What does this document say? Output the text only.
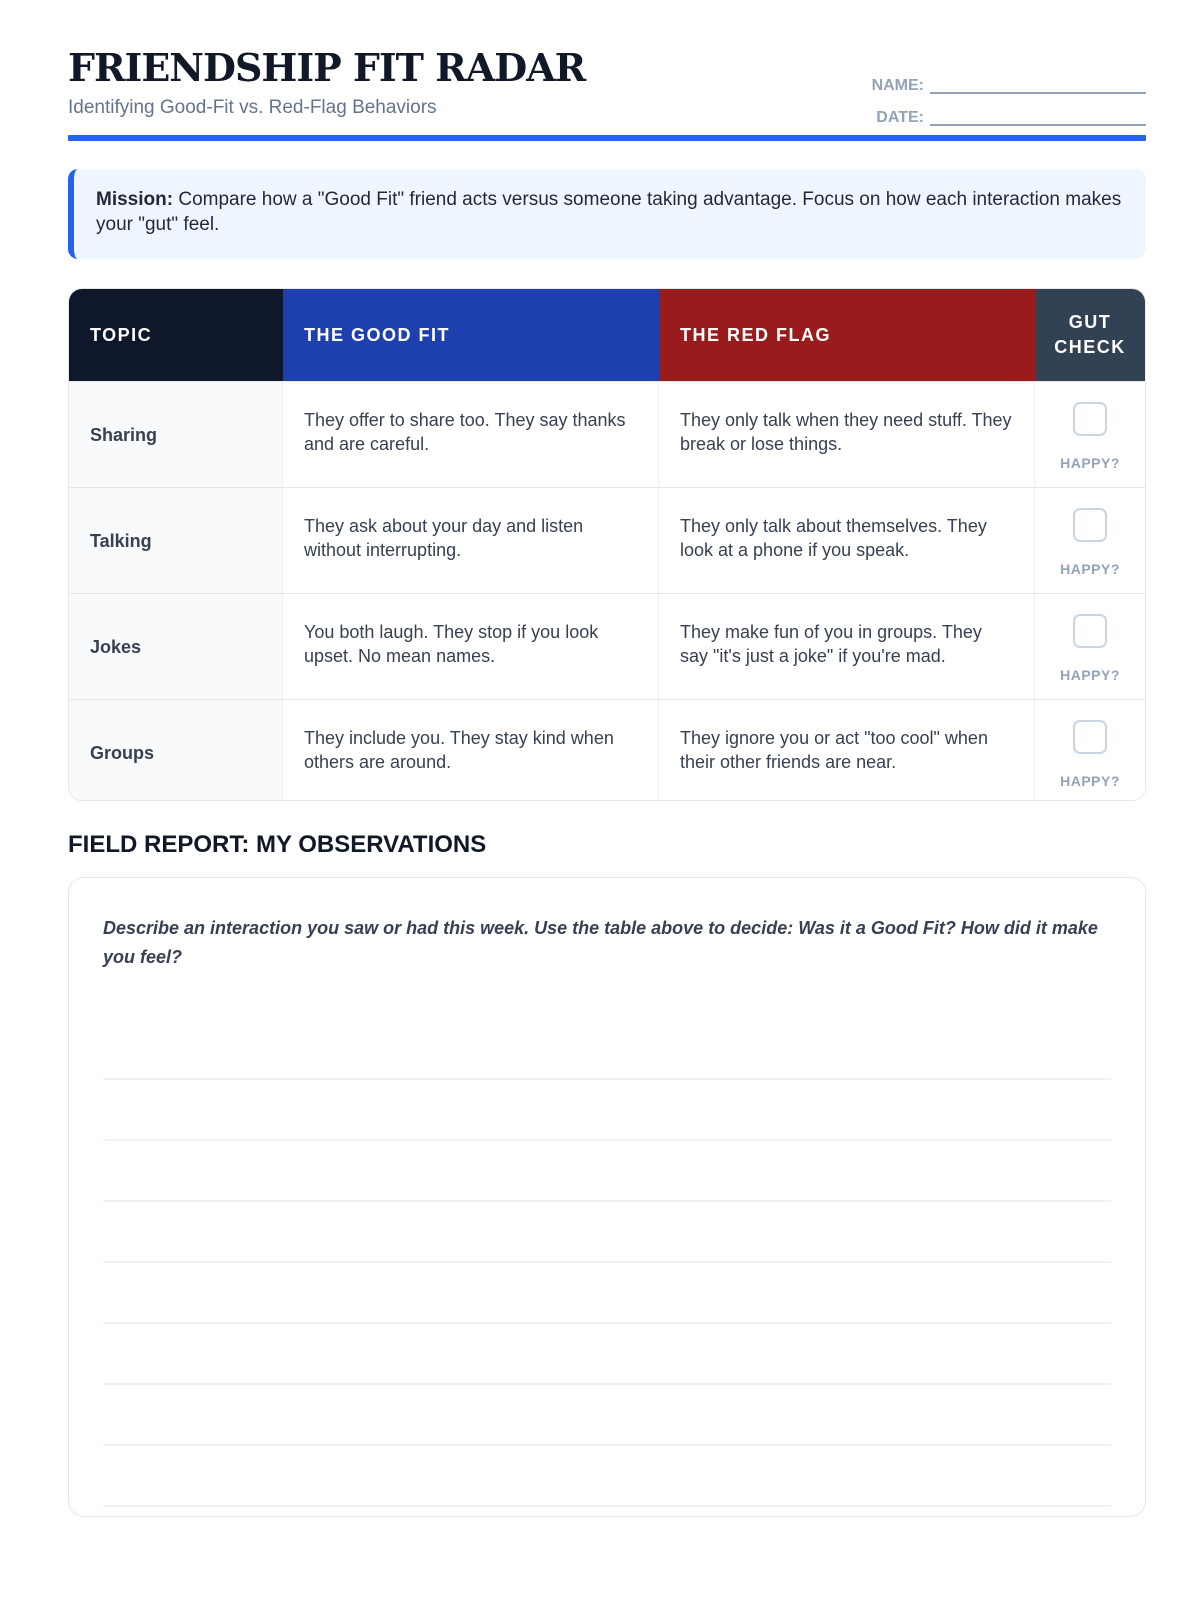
FRIENDSHIP FIT RADAR
Identifying Good-Fit vs. Red-Flag Behaviors
NAME:
DATE:
Mission: Compare how a "Good Fit" friend acts versus someone taking advantage. Focus on how each interaction makes your "gut" feel.
TOPIC	THE GOOD FIT	THE RED FLAG
GUT CHECK
Sharing
They offer to share too. They say thanks and are careful.
They only talk when they need stuff. They break or lose things.
HAPPY?
Talking
They ask about your day and listen without interrupting.
They only talk about themselves. They look at a phone if you speak.
HAPPY?
Jokes
You both laugh. They stop if you look upset. No mean names.
They make fun of you in groups. They say "it's just a joke" if you're mad.
HAPPY?
Groups
They include you. They stay kind when others are around.
They ignore you or act "too cool" when their other friends are near.
HAPPY?
FIELD REPORT: MY OBSERVATIONS
Describe an interaction you saw or had this week. Use the table above to decide: Was it a Good Fit? How did it make you feel?
